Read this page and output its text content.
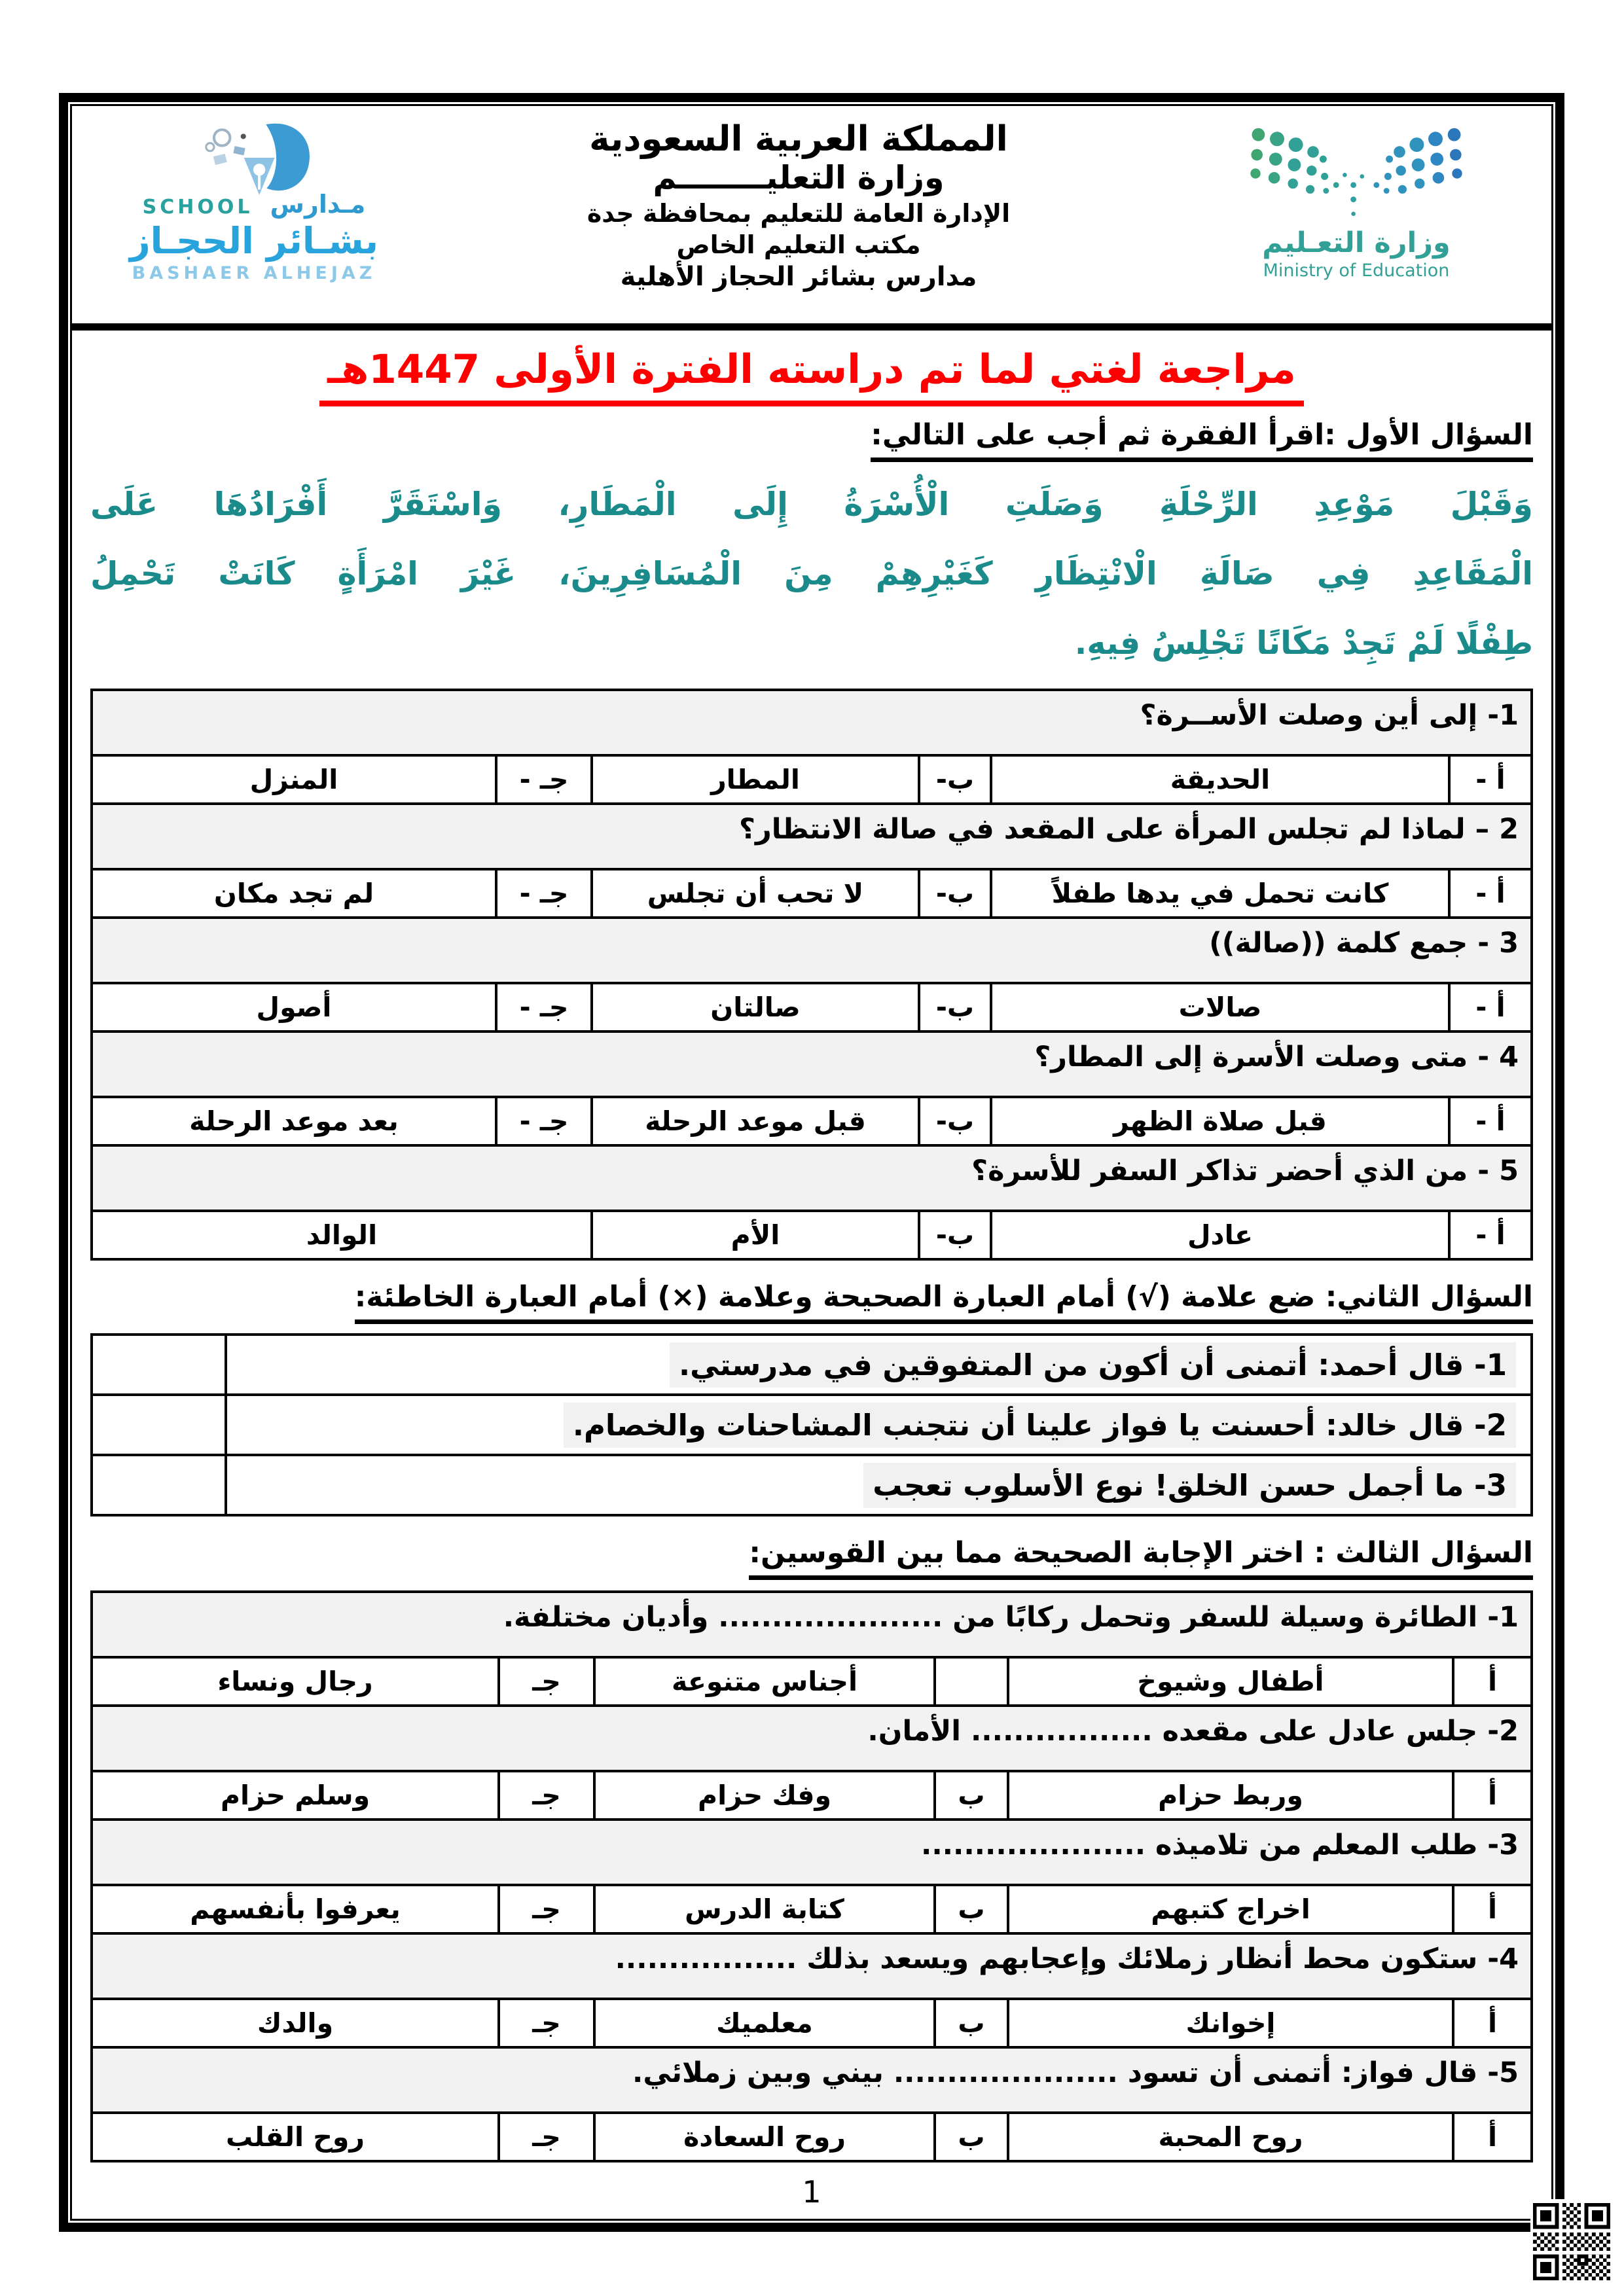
SCHOOL مـدارس
بشـائر الحجـاز
BASHAER ALHEJAZ
المملكة العربية السعودية
وزارة التعليــــــــم
الإدارة العامة للتعليم بمحافظة جدة
مكتب التعليم الخاص
مدارس بشائر الحجاز الأهلية
وزارة التعـليم
Ministry of Education
مراجعة لغتي لما تم دراسته الفترة الأولى 1447هـ
السؤال الأول :اقرأ الفقرة ثم أجب على التالي:
وَقَبْلَ مَوْعِدِ الرِّحْلَةِ وَصَلَتِ الْأُسْرَةُ إِلَى الْمَطَارِ، وَاسْتَقَرَّ أَفْرَادُهَا عَلَى
الْمَقَاعِدِ فِي صَالَةِ الْانْتِظَارِ كَغَيْرِهِمْ مِنَ الْمُسَافِرِينَ، غَيْرَ امْرَأَةٍ كَانَتْ تَحْمِلُ
طِفْلًا لَمْ تَجِدْ مَكَانًا تَجْلِسُ فِيهِ.
1- إلى أين وصلت الأســرة؟					
أ -	الحديقة	ب-	المطار	جـ -	المنزل
2 – لماذا لم تجلس المرأة على المقعد في صالة الانتظار؟					
أ -	كانت تحمل في يدها طفلاً	ب-	لا تحب أن تجلس	جـ -	لم تجد مكان
3 - جمع كلمة ((صالة))					
أ -	صالات	ب-	صالتان	جـ -	أصول
4 - متى وصلت الأسرة إلى المطار؟					
أ -	قبل صلاة الظهر	ب-	قبل موعد الرحلة	جـ -	بعد موعد الرحلة
5 - من الذي أحضر تذاكر السفر للأسرة؟					
أ -	عادل	ب-	الأم	الوالد	
السؤال الثاني: ضع علامة (√) أمام العبارة الصحيحة وعلامة (×) أمام العبارة الخاطئة:
1- قال أحمد: أتمنى أن أكون من المتفوقين في مدرستي.	
2- قال خالد: أحسنت يا فواز علينا أن نتجنب المشاحنات والخصام.	
3- ما أجمل حسن الخلق! نوع الأسلوب تعجب	
السؤال الثالث : اختر الإجابة الصحيحة مما بين القوسين:
1- الطائرة وسيلة للسفر وتحمل ركابًا من ..................... وأديان مختلفة.					
أ	أطفال وشيوخ		أجناس متنوعة	جـ	رجال ونساء
2- جلس عادل على مقعده ................. الأمان.					
أ	وربط حزام	ب	وفك حزام	جـ	وسلم حزام
3- طلب المعلم من تلاميذه .....................					
أ	اخراج كتبهم	ب	كتابة الدرس	جـ	يعرفوا بأنفسهم
4- ستكون محط أنظار زملائك وإعجابهم ويسعد بذلك .................					
أ	إخوانك	ب	معلميك	جـ	والدك
5- قال فواز: أتمنى أن تسود ..................... بيني وبين زملائي.					
أ	روح المحبة	ب	روح السعادة	جـ	روح القلب
1
